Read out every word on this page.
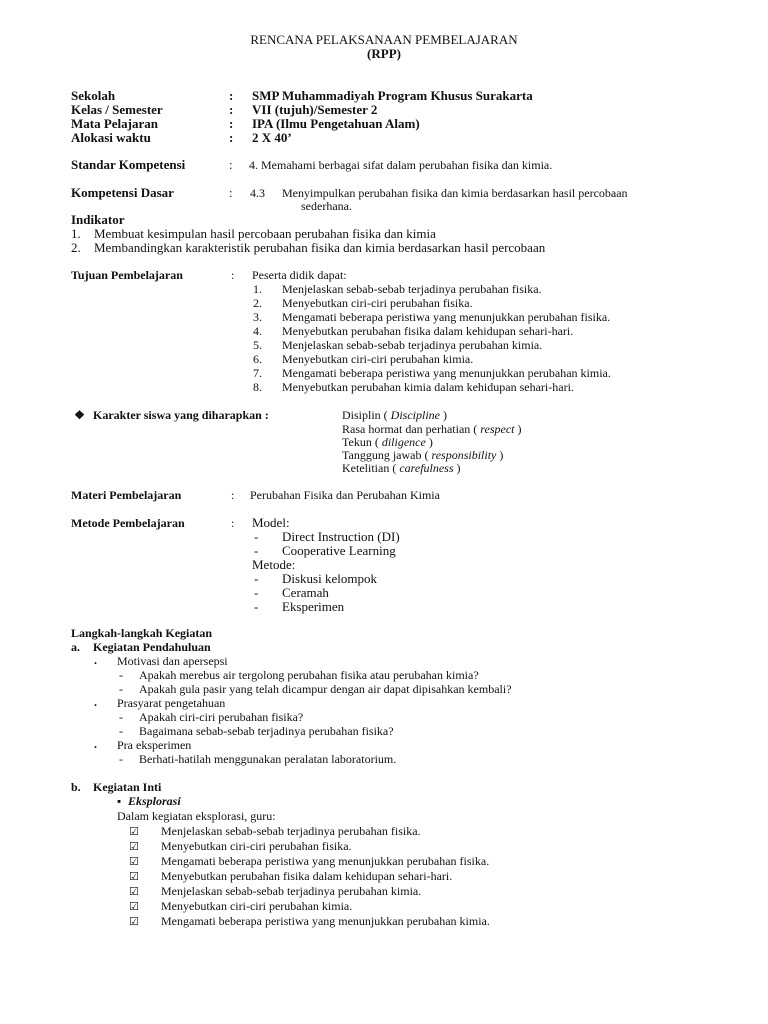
RENCANA PELAKSANAAN PEMBELAJARAN
(RPP)
Sekolah	: SMP Muhammadiyah Program Khusus Surakarta
Kelas / Semester	: VII (tujuh)/Semester 2
Mata Pelajaran	: IPA (Ilmu Pengetahuan Alam)
Alokasi waktu	: 2 X 40’
Standar Kompetensi	: 4. Memahami berbagai sifat dalam perubahan fisika dan kimia.
Kompetensi Dasar	: 4.3 Menyimpulkan perubahan fisika dan kimia berdasarkan hasil percobaan
sederhana.
Indikator
1. Membuat kesimpulan hasil percobaan perubahan fisika dan kimia
2. Membandingkan karakteristik perubahan fisika dan kimia berdasarkan hasil percobaan
Tujuan Pembelajaran	: Peserta didik dapat:
1. Menjelaskan sebab-sebab terjadinya perubahan fisika.
2. Menyebutkan ciri-ciri perubahan fisika.
3. Mengamati beberapa peristiwa yang menunjukkan perubahan fisika.
4. Menyebutkan perubahan fisika dalam kehidupan sehari-hari.
5. Menjelaskan sebab-sebab terjadinya perubahan kimia.
6. Menyebutkan ciri-ciri perubahan kimia.
7. Mengamati beberapa peristiwa yang menunjukkan perubahan kimia.
8. Menyebutkan perubahan kimia dalam kehidupan sehari-hari.
❖ Karakter siswa yang diharapkan :	Disiplin ( Discipline )
Rasa hormat dan perhatian ( respect )
Tekun ( diligence )
Tanggung jawab ( responsibility )
Ketelitian ( carefulness )
Materi Pembelajaran	: Perubahan Fisika dan Perubahan Kimia
Metode Pembelajaran	: Model:
- Direct Instruction (DI)
- Cooperative Learning
Metode:
- Diskusi kelompok
- Ceramah
- Eksperimen
Langkah-langkah Kegiatan
a. Kegiatan Pendahuluan
. Motivasi dan apersepsi
- Apakah merebus air tergolong perubahan fisika atau perubahan kimia?
- Apakah gula pasir yang telah dicampur dengan air dapat dipisahkan kembali?
. Prasyarat pengetahuan
- Apakah ciri-ciri perubahan fisika?
- Bagaimana sebab-sebab terjadinya perubahan fisika?
. Pra eksperimen
- Berhati-hatilah menggunakan peralatan laboratorium.
b. Kegiatan Inti
▪ Eksplorasi
Dalam kegiatan eksplorasi, guru:
☑ Menjelaskan sebab-sebab terjadinya perubahan fisika.
☑ Menyebutkan ciri-ciri perubahan fisika.
☑ Mengamati beberapa peristiwa yang menunjukkan perubahan fisika.
☑ Menyebutkan perubahan fisika dalam kehidupan sehari-hari.
☑ Menjelaskan sebab-sebab terjadinya perubahan kimia.
☑ Menyebutkan ciri-ciri perubahan kimia.
☑ Mengamati beberapa peristiwa yang menunjukkan perubahan kimia.
